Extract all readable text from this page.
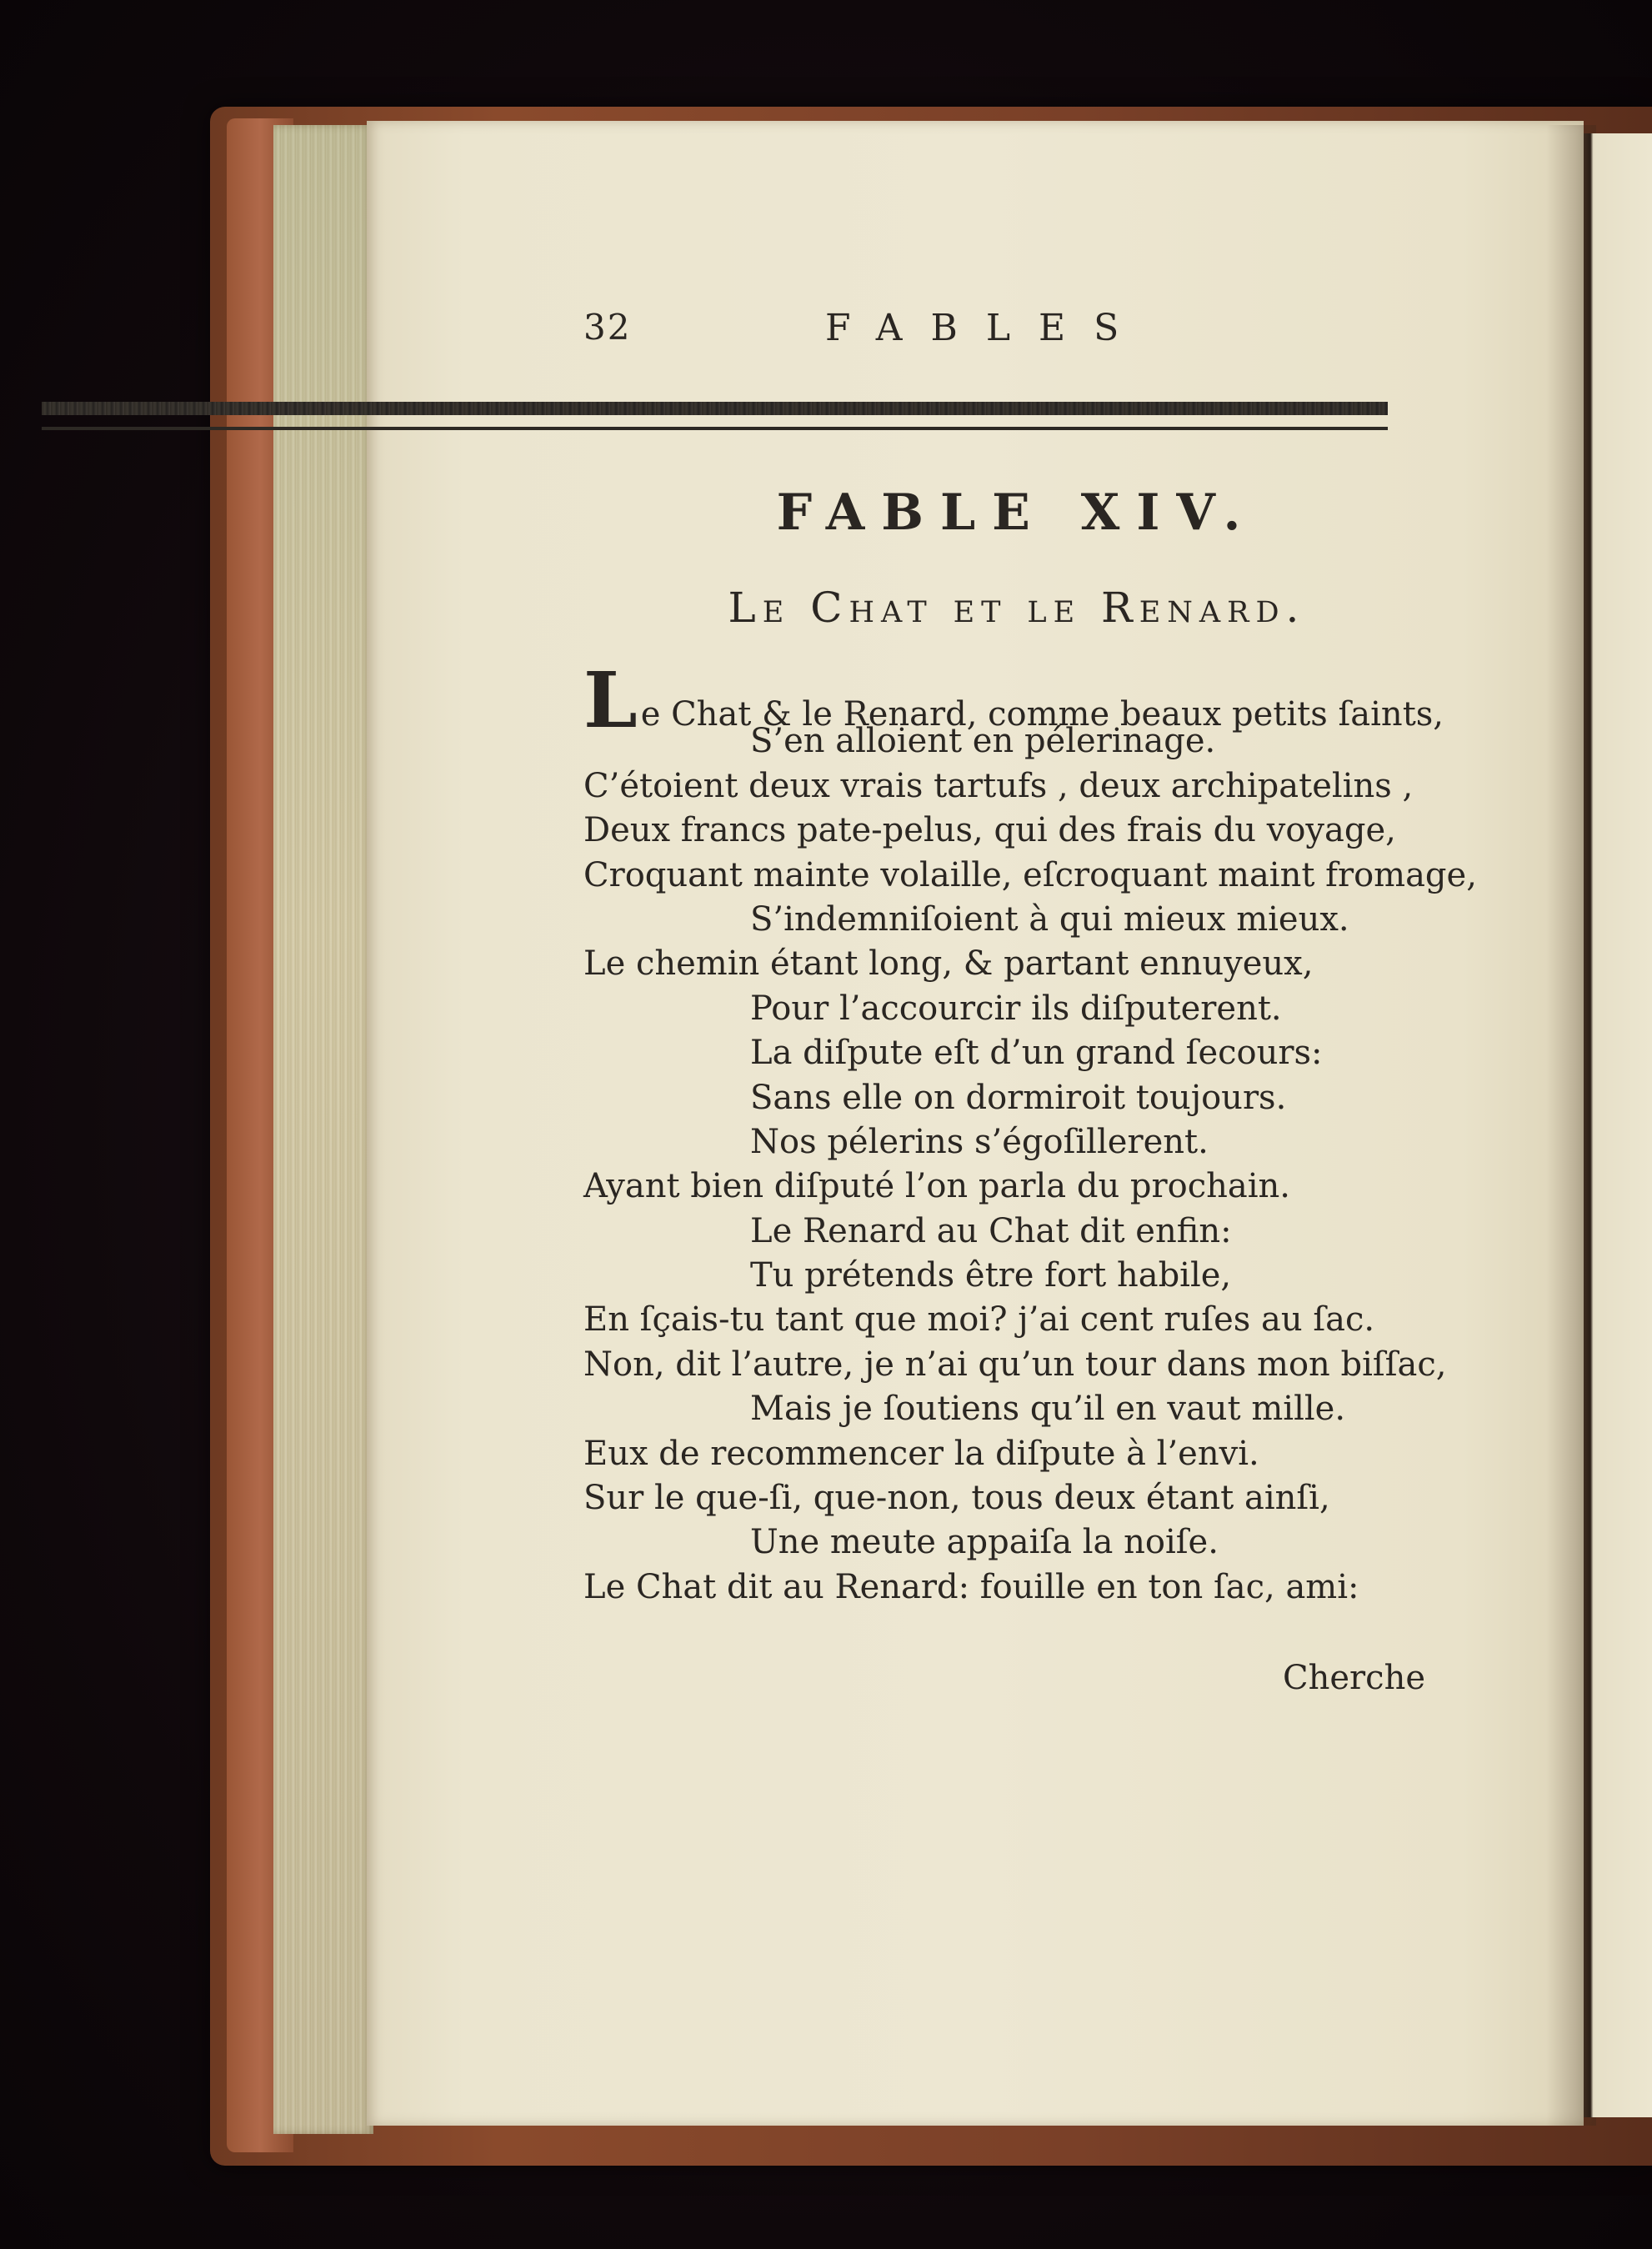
32	FABLES
FABLE XIV.
Le Chat et le Renard.
Le Chat & le Renard, comme beaux petits ſaints,
S’en alloient en pélerinage.
C’étoient deux vrais tartufs , deux archipatelins ,
Deux francs pate-pelus, qui des frais du voyage,
Croquant mainte volaille, eſcroquant maint fromage,
S’indemniſoient à qui mieux mieux.
Le chemin étant long, & partant ennuyeux,
Pour l’accourcir ils diſputerent.
La diſpute eſt d’un grand ſecours:
Sans elle on dormiroit toujours.
Nos pélerins s’égoſillerent.
Ayant bien diſputé l’on parla du prochain.
Le Renard au Chat dit enfin:
Tu prétends être fort habile,
En ſçais-tu tant que moi? j’ai cent ruſes au ſac.
Non, dit l’autre, je n’ai qu’un tour dans mon biſſac,
Mais je ſoutiens qu’il en vaut mille.
Eux de recommencer la diſpute à l’envi.
Sur le que-ſi, que-non, tous deux étant ainſi,
Une meute appaiſa la noiſe.
Le Chat dit au Renard: fouille en ton ſac, ami:
Cherche
